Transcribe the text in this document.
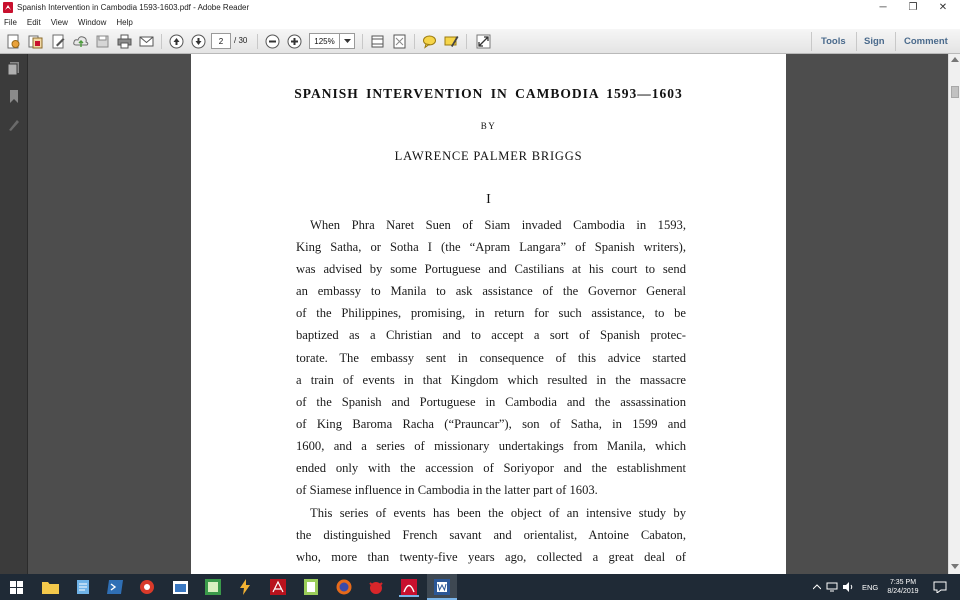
Spanish Intervention in Cambodia 1593-1603.pdf - Adobe Reader	─	❐	✕
File	Edit	View	Window	Help
2
/ 30
125%	Tools Sign Comment
SPANISH INTERVENTION IN CAMBODIA 1593—1603
BY
LAWRENCE PALMER BRIGGS
I
When Phra Naret Suen of Siam invaded Cambodia in 1593,
King Satha, or Sotha I (the “Apram Langara” of Spanish writers),
was advised by some Portuguese and Castilians at his court to send
an embassy to Manila to ask assistance of the Governor General
of the Philippines, promising, in return for such assistance, to be
baptized as a Christian and to accept a sort of Spanish protec-
torate. The embassy sent in consequence of this advice started
a train of events in that Kingdom which resulted in the massacre
of the Spanish and Portuguese in Cambodia and the assassination
of King Baroma Racha (“Prauncar”), son of Satha, in 1599 and
1600, and a series of missionary undertakings from Manila, which
ended only with the accession of Soriyopor and the establishment
of Siamese influence in Cambodia in the latter part of 1603.
This series of events has been the object of an intensive study by
the distinguished French savant and orientalist, Antoine Cabaton,
who, more than twenty-five years ago, collected a great deal of
ENG 7:35 PM
8/24/2019
